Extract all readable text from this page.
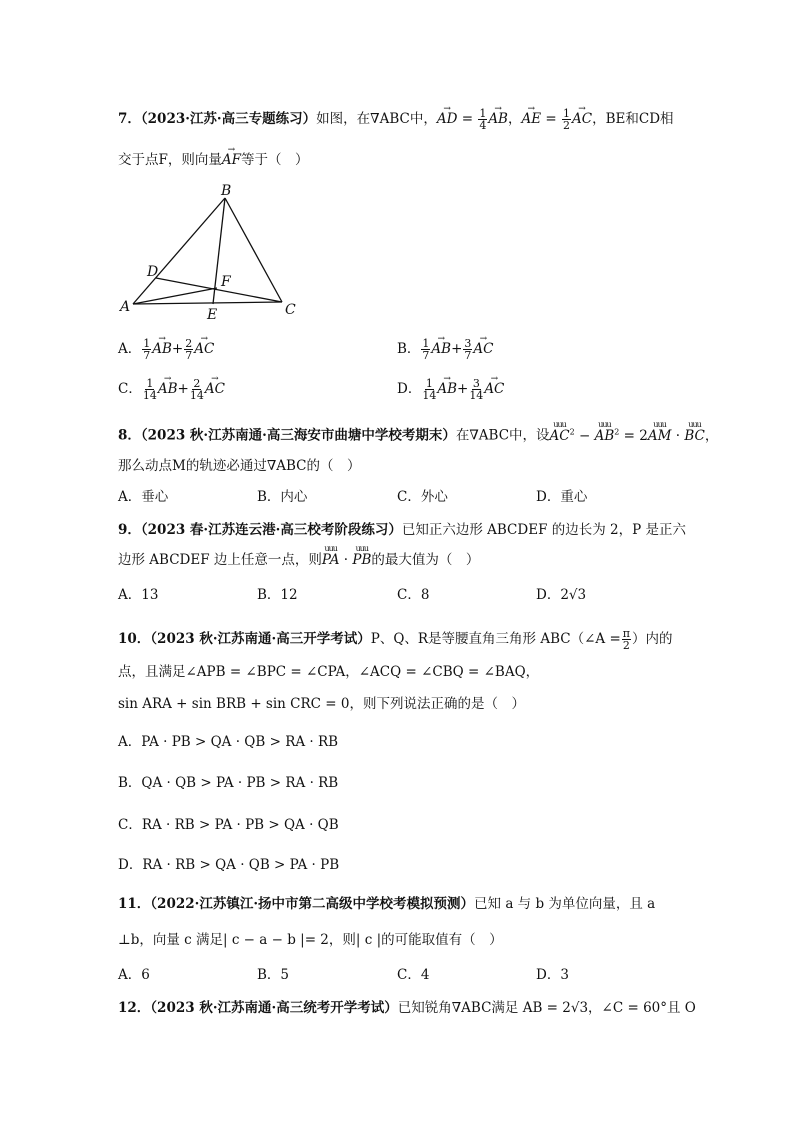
7．（2023·江苏·高三专题练习）如图，在∇ABC中，→ AD = $\frac{1}{4}$
→ AB，→ AE = $\frac{1}{2}$
→ AC，BE和CD相
交于点F，则向量→ AF等于（　）
B
D
F
A	E	C
A． $\frac{1}{7}$
→ $AB+ \frac{2}{7}$
→ AC	B． $\frac{1}{7}$
→ $AB+ \frac{3}{7}$
→ AC
C． $\frac{1}{14}$
→ $AB+ \frac{2}{14}$
→ AC	D． $\frac{1}{14}$
→ $AB+ \frac{3}{14}$
→ AC
8．（2023 秋·江苏南通·高三海安市曲塘中学校考期末）在∇ABC中，设uuu $AC^2$ − uuu $AB^2 = 2uuu$ AM · uuu BC，
那么动点M的轨迹必通过∇ABC的（　）
A．垂心	B．内心	C．外心	D．重心
9．（2023 春·江苏连云港·高三校考阶段练习）已知正六边形 ABCDEF 的边长为 2，P 是正六
边形 ABCDEF 边上任意一点，则uuu PA · uuu PB的最大值为（　）
A．13	B．12	C．8	D．2√3
10．（2023 秋·江苏南通·高三开学考试）P、Q、R是等腰直角三角形 ABC（∠A = $\frac{\pi}{2}$ ）内的
点，且满足∠APB = ∠BPC = ∠CPA，∠ACQ = ∠CBQ = ∠BAQ，
sin ARA + sin BRB + sin CRC = 0，则下列说法正确的是（　）
A．PA · PB > QA · QB > RA · RB
B．QA · QB > PA · PB > RA · RB
C．RA · RB > PA · PB > QA · QB
D．RA · RB > QA · QB > PA · PB
11．（2022·江苏镇江·扬中市第二高级中学校考模拟预测）已知 a 与 b 为单位向量，且 a
⊥b，向量 c 满足| c − a − b |= 2，则| c |的可能取值有（　）
A．6	B．5	C．4	D．3
12．（2023 秋·江苏南通·高三统考开学考试）已知锐角∇ABC满足 AB = 2√3，∠C = 60°且 O
